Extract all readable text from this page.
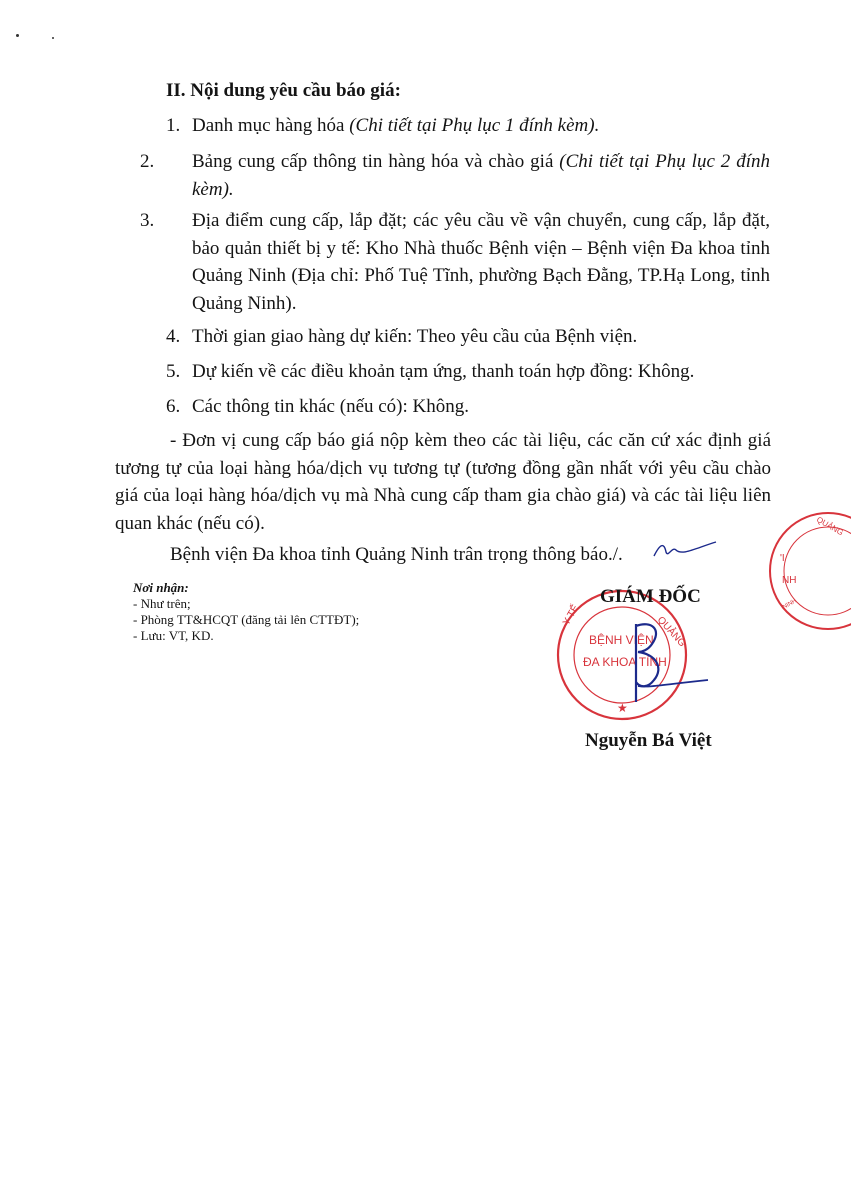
II. Nội dung yêu cầu báo giá:
1. Danh mục hàng hóa (Chi tiết tại Phụ lục 1 đính kèm).
2. Bảng cung cấp thông tin hàng hóa và chào giá (Chi tiết tại Phụ lục 2 đính kèm).
3. Địa điểm cung cấp, lắp đặt; các yêu cầu về vận chuyển, cung cấp, lắp đặt, bảo quản thiết bị y tế: Kho Nhà thuốc Bệnh viện – Bệnh viện Đa khoa tỉnh Quảng Ninh (Địa chỉ: Phố Tuệ Tĩnh, phường Bạch Đằng, TP.Hạ Long, tỉnh Quảng Ninh).
4. Thời gian giao hàng dự kiến: Theo yêu cầu của Bệnh viện.
5. Dự kiến về các điều khoản tạm ứng, thanh toán hợp đồng: Không.
6. Các thông tin khác (nếu có): Không.

- Đơn vị cung cấp báo giá nộp kèm theo các tài liệu, các căn cứ xác định giá tương tự của loại hàng hóa/dịch vụ tương tự (tương đồng gần nhất với yêu cầu chào giá của loại hàng hóa/dịch vụ mà Nhà cung cấp tham gia chào giá) và các tài liệu liên quan khác (nếu có).

Bệnh viện Đa khoa tỉnh Quảng Ninh trân trọng thông báo./.

Nơi nhận:
- Như trên;
- Phòng TT&HCQT (đăng tải lên CTTĐT);
- Lưu: VT, KD.	QUẢNG
Y TẾ
BỆNH VIỆN
ĐA KHOA TỈNH
★
GIÁM ĐỐC
Nguyễn Bá Việt
QUẢNG
'I
NH
NINH
